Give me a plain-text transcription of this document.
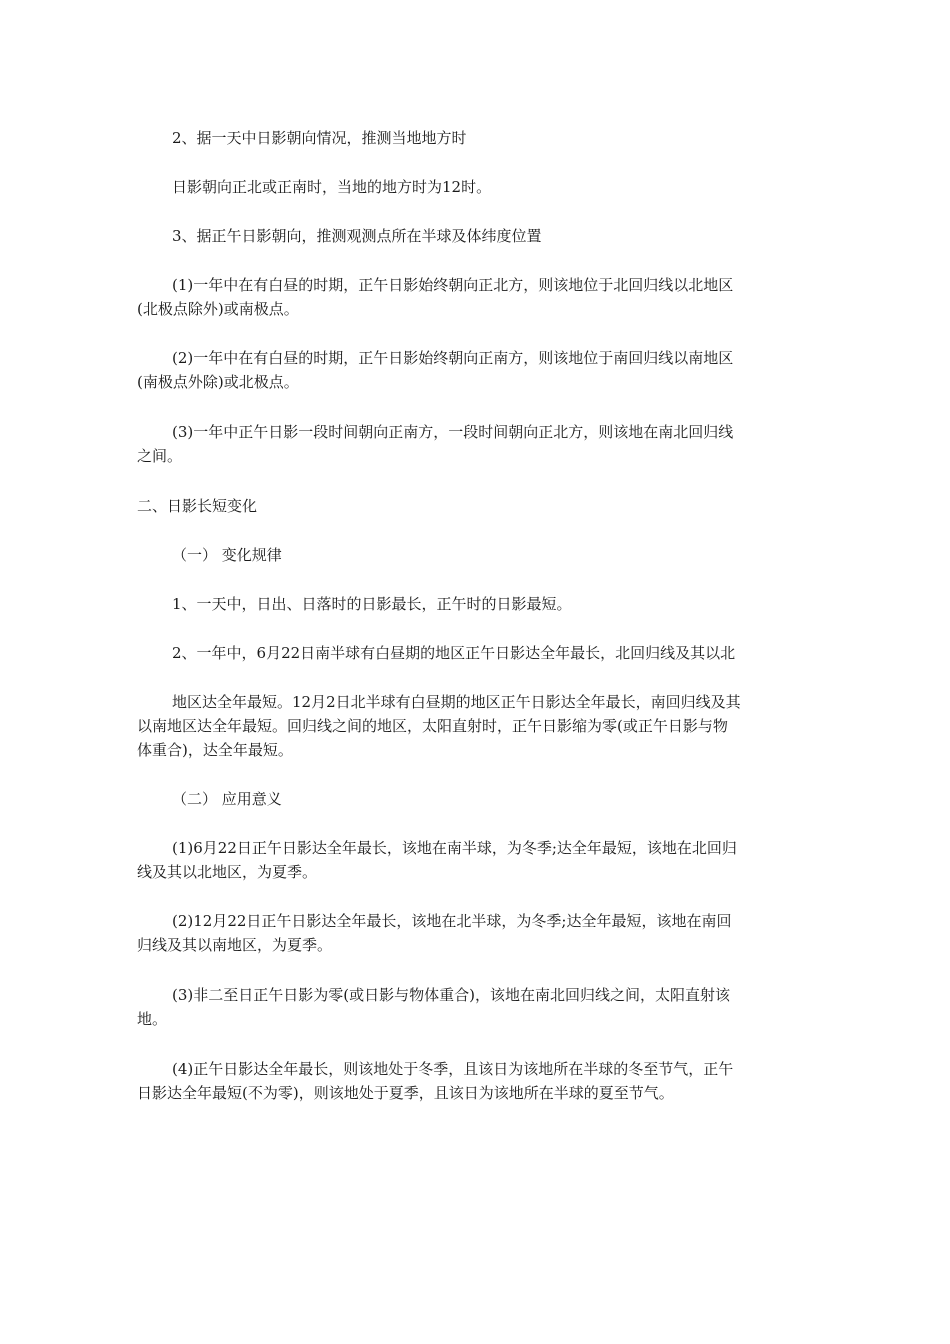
2、据一天中日影朝向情况，推测当地地方时

日影朝向正北或正南时，当地的地方时为12时。

3、据正午日影朝向，推测观测点所在半球及体纬度位置

(1)一年中在有白昼的时期，正午日影始终朝向正北方，则该地位于北回归线以北地区
(北极点除外)或南极点。

(2)一年中在有白昼的时期，正午日影始终朝向正南方，则该地位于南回归线以南地区
(南极点外除)或北极点。

(3)一年中正午日影一段时间朝向正南方，一段时间朝向正北方，则该地在南北回归线
之间。

二、日影长短变化

（一） 变化规律

1、一天中，日出、日落时的日影最长，正午时的日影最短。

2、一年中，6月22日南半球有白昼期的地区正午日影达全年最长，北回归线及其以北

地区达全年最短。12月2日北半球有白昼期的地区正午日影达全年最长，南回归线及其
以南地区达全年最短。回归线之间的地区，太阳直射时，正午日影缩为零(或正午日影与物
体重合)，达全年最短。

（二） 应用意义

(1)6月22日正午日影达全年最长，该地在南半球，为冬季;达全年最短，该地在北回归
线及其以北地区，为夏季。

(2)12月22日正午日影达全年最长，该地在北半球，为冬季;达全年最短，该地在南回
归线及其以南地区，为夏季。

(3)非二至日正午日影为零(或日影与物体重合)，该地在南北回归线之间，太阳直射该
地。

(4)正午日影达全年最长，则该地处于冬季，且该日为该地所在半球的冬至节气，正午
日影达全年最短(不为零)，则该地处于夏季，且该日为该地所在半球的夏至节气。
